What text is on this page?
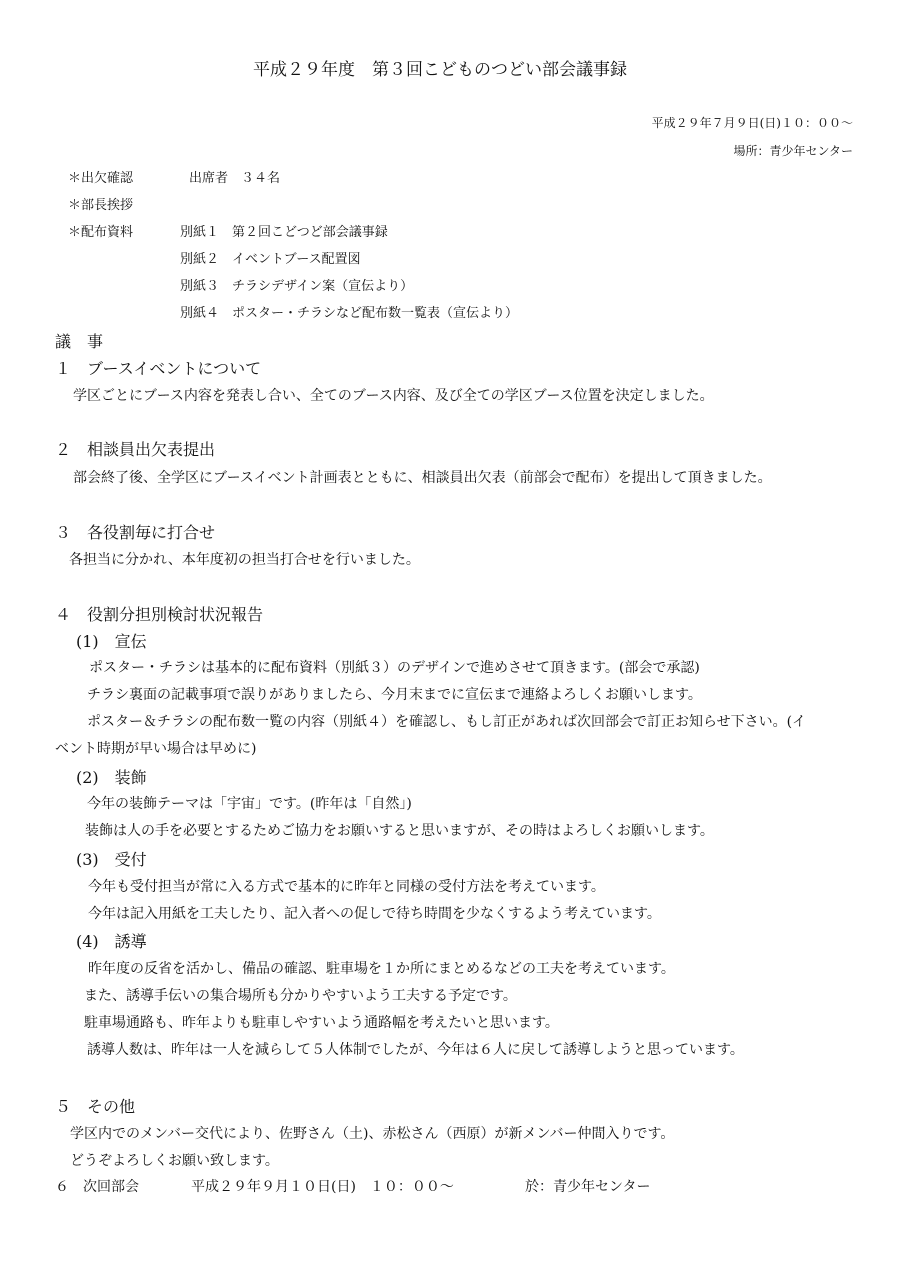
平成２９年度　第３回こどものつどい部会議事録
平成２９年７月９日(日)１０：００～
場所：青少年センター
＊出欠確認	出席者　３４名
＊部長挨拶
＊配布資料	別紙１　第２回こどつど部会議事録
別紙２　イベントブース配置図
別紙３　チラシデザイン案（宣伝より）
別紙４　ポスター・チラシなど配布数一覧表（宣伝より）
議　事
１　ブースイベントについて
学区ごとにブース内容を発表し合い、全てのブース内容、及び全ての学区ブース位置を決定しました。
２　相談員出欠表提出
部会終了後、全学区にブースイベント計画表とともに、相談員出欠表（前部会で配布）を提出して頂きました。
３　各役割毎に打合せ
各担当に分かれ、本年度初の担当打合せを行いました。
４　役割分担別検討状況報告
(1)　宣伝
ポスター・チラシは基本的に配布資料（別紙３）のデザインで進めさせて頂きます。(部会で承認)
チラシ裏面の記載事項で誤りがありましたら、今月末までに宣伝まで連絡よろしくお願いします。
ポスター＆チラシの配布数一覧の内容（別紙４）を確認し、もし訂正があれば次回部会で訂正お知らせ下さい。(イ
ベント時期が早い場合は早めに)
(2)　装飾
今年の装飾テーマは「宇宙」です。(昨年は「自然」)
装飾は人の手を必要とするためご協力をお願いすると思いますが、その時はよろしくお願いします。
(3)　受付
今年も受付担当が常に入る方式で基本的に昨年と同様の受付方法を考えています。
今年は記入用紙を工夫したり、記入者への促しで待ち時間を少なくするよう考えています。
(4)　誘導
昨年度の反省を活かし、備品の確認、駐車場を１か所にまとめるなどの工夫を考えています。
また、誘導手伝いの集合場所も分かりやすいよう工夫する予定です。
駐車場通路も、昨年よりも駐車しやすいよう通路幅を考えたいと思います。
誘導人数は、昨年は一人を減らして５人体制でしたが、今年は６人に戻して誘導しようと思っています。
５　その他
学区内でのメンバー交代により、佐野さん（土)、赤松さん（西原）が新メンバー仲間入りです。
どうぞよろしくお願い致します。
６　次回部会	平成２９年９月１０日(日)　１０：００～	於：青少年センター
